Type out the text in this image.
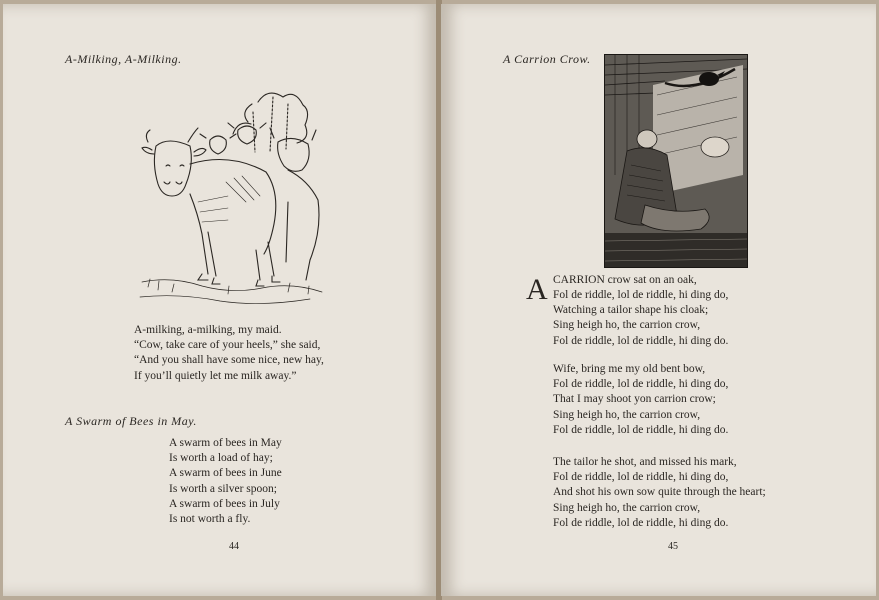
A-Milking, A-Milking.
A-milking, a-milking, my maid.
“Cow, take care of your heels,” she said,
“And you shall have some nice, new hay,
If you’ll quietly let me milk away.”
A Swarm of Bees in May.
A swarm of bees in May
Is worth a load of hay;
A swarm of bees in June
Is worth a silver spoon;
A swarm of bees in July
Is not worth a fly.
44
A Carrion Crow.
A CARRION crow sat on an oak,
Fol de riddle, lol de riddle, hi ding do,
Watching a tailor shape his cloak;
Sing heigh ho, the carrion crow,
Fol de riddle, lol de riddle, hi ding do.
Wife, bring me my old bent bow,
Fol de riddle, lol de riddle, hi ding do,
That I may shoot yon carrion crow;
Sing heigh ho, the carrion crow,
Fol de riddle, lol de riddle, hi ding do.
The tailor he shot, and missed his mark,
Fol de riddle, lol de riddle, hi ding do,
And shot his own sow quite through the heart;
Sing heigh ho, the carrion crow,
Fol de riddle, lol de riddle, hi ding do.
45
